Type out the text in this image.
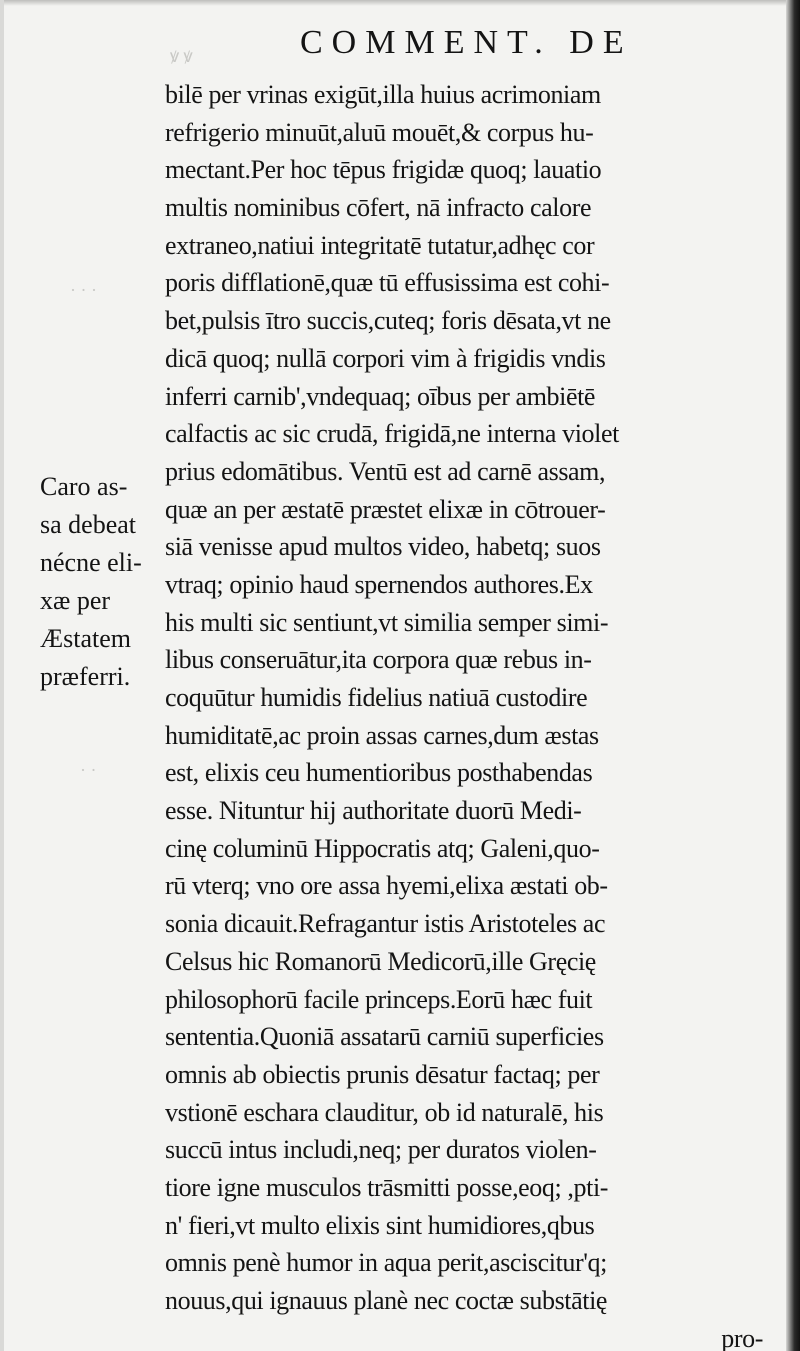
ꝟ ꝟ
· · ·
· ·
COMMENT. DE
Caro as-
sa debeat
nécne eli-
xæ per
Æstatem
præferri.
bilē per vrinas exigūt,illa huius acrimoniam
refrigerio minuūt,aluū mouēt,& corpus hu-
mectant.Per hoc tēpus frigidæ quoq; lauatio
multis nominibus cōfert, nā infracto calore
extraneo,natiui integritatē tutatur,adhęc cor
poris difflationē,quæ tū effusissima est cohi-
bet,pulsis ītro succis,cuteq; foris dēsata,vt ne
dicā quoq; nullā corpori vim à frigidis vndis
inferri carnib',vndequaq; oībus per ambiētē
calfactis ac sic crudā, frigidā,ne interna violet
prius edomātibus. Ventū est ad carnē assam,
quæ an per æstatē præstet elixæ in cōtrouer-
siā venisse apud multos video, habetq; suos
vtraq; opinio haud spernendos authores.Ex
his multi sic sentiunt,vt similia semper simi-
libus conseruātur,ita corpora quæ rebus in-
coquūtur humidis fidelius natiuā custodire
humiditatē,ac proin assas carnes,dum æstas
est, elixis ceu humentioribus posthabendas
esse. Nituntur hij authoritate duorū Medi-
cinę columinū Hippocratis atq; Galeni,quo-
rū vterq; vno ore assa hyemi,elixa æstati ob-
sonia dicauit.Refragantur istis Aristoteles ac
Celsus hic Romanorū Medicorū,ille Gręcię
philosophorū facile princeps.Eorū hæc fuit
sententia.Quoniā assatarū carniū superficies
omnis ab obiectis prunis dēsatur factaq; per
vstionē eschara clauditur, ob id naturalē, his
succū intus includi,neq; per duratos violen-
tiore igne musculos trāsmitti posse,eoq; ,pti-
n' fieri,vt multo elixis sint humidiores,qbus
omnis penè humor in aqua perit,asciscitur'q;
nouus,qui ignauus planè nec coctæ substātię
pro-
